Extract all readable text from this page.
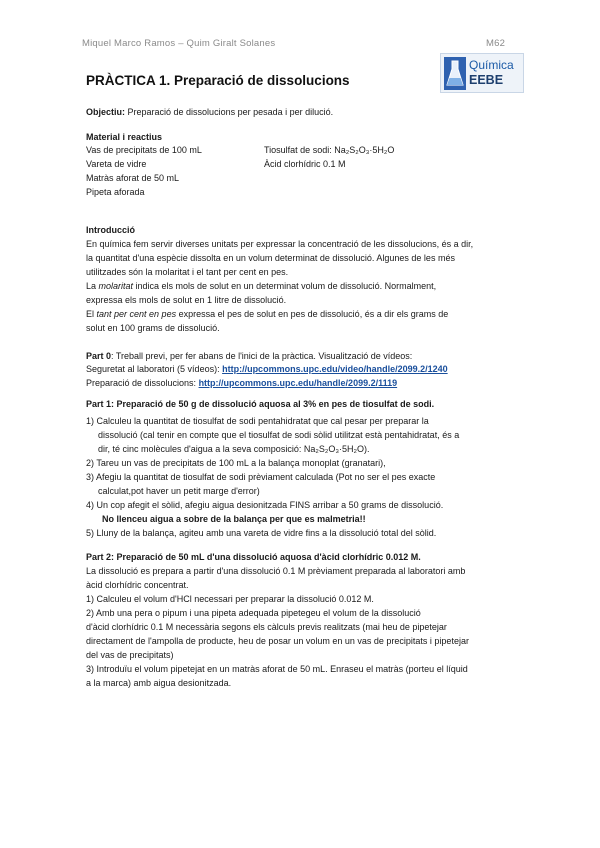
Miquel Marco Ramos – Quim Giralt Solanes	M62
Química
EEBE
PRÀCTICA 1. Preparació de dissolucions
Objectiu: Preparació de dissolucions per pesada i per dilució.
Material i reactius
Vas de precipitats de 100 mL
Vareta de vidre
Matràs aforat de 50 mL
Pipeta aforada
Tiosulfat de sodi: Na₂S₂O₃·5H₂O
Àcid clorhídric 0.1 M
Introducció
En química fem servir diverses unitats per expressar la concentració de les dissolucions, és a dir,
la quantitat d'una espècie dissolta en un volum determinat de dissolució. Algunes de les més
utilitzades són la molaritat i el tant per cent en pes.
La molaritat indica els mols de solut en un determinat volum de dissolució. Normalment,
expressa els mols de solut en 1 litre de dissolució.
El tant per cent en pes expressa el pes de solut en pes de dissolució, és a dir els grams de
solut en 100 grams de dissolució.
Part 0: Treball previ, per fer abans de l'inici de la pràctica. Visualització de vídeos:
Seguretat al laboratori (5 vídeos): http://upcommons.upc.edu/video/handle/2099.2/1240
Preparació de dissolucions: http://upcommons.upc.edu/handle/2099.2/1119
Part 1: Preparació de 50 g de dissolució aquosa al 3% en pes de tiosulfat de sodi.
1) Calculeu la quantitat de tiosulfat de sodi pentahidratat que cal pesar per preparar la
dissolució (cal tenir en compte que el tiosulfat de sodi sòlid utilitzat està pentahidratat, és a
dir, té cinc molècules d'aigua a la seva composició: Na₂S₂O₃·5H₂O).
2) Tareu un vas de precipitats de 100 mL a la balança monoplat (granatari),
3) Afegiu la quantitat de tiosulfat de sodi prèviament calculada (Pot no ser el pes exacte
calculat,pot haver un petit marge d'error)
4) Un cop afegit el sòlid, afegiu aigua desionitzada FINS arribar a 50 grams de dissolució.
No llenceu aigua a sobre de la balança per que es malmetria!!
5) Lluny de la balança, agiteu amb una vareta de vidre fins a la dissolució total del sòlid.
Part 2: Preparació de 50 mL d'una dissolució aquosa d'àcid clorhídric 0.012 M.
La dissolució es prepara a partir d'una dissolució 0.1 M prèviament preparada al laboratori amb
àcid clorhídric concentrat.
1) Calculeu el volum d'HCl necessari per preparar la dissolució 0.012 M.
2) Amb una pera o pipum i una pipeta adequada pipetegeu el volum de la dissolució
d'àcid clorhídric 0.1 M necessària segons els càlculs previs realitzats (mai heu de pipetejar
directament de l'ampolla de producte, heu de posar un volum en un vas de precipitats i pipetejar
del vas de precipitats)
3) Introduïu el volum pipetejat en un matràs aforat de 50 mL. Enraseu el matràs (porteu el líquid
a la marca) amb aigua desionitzada.
